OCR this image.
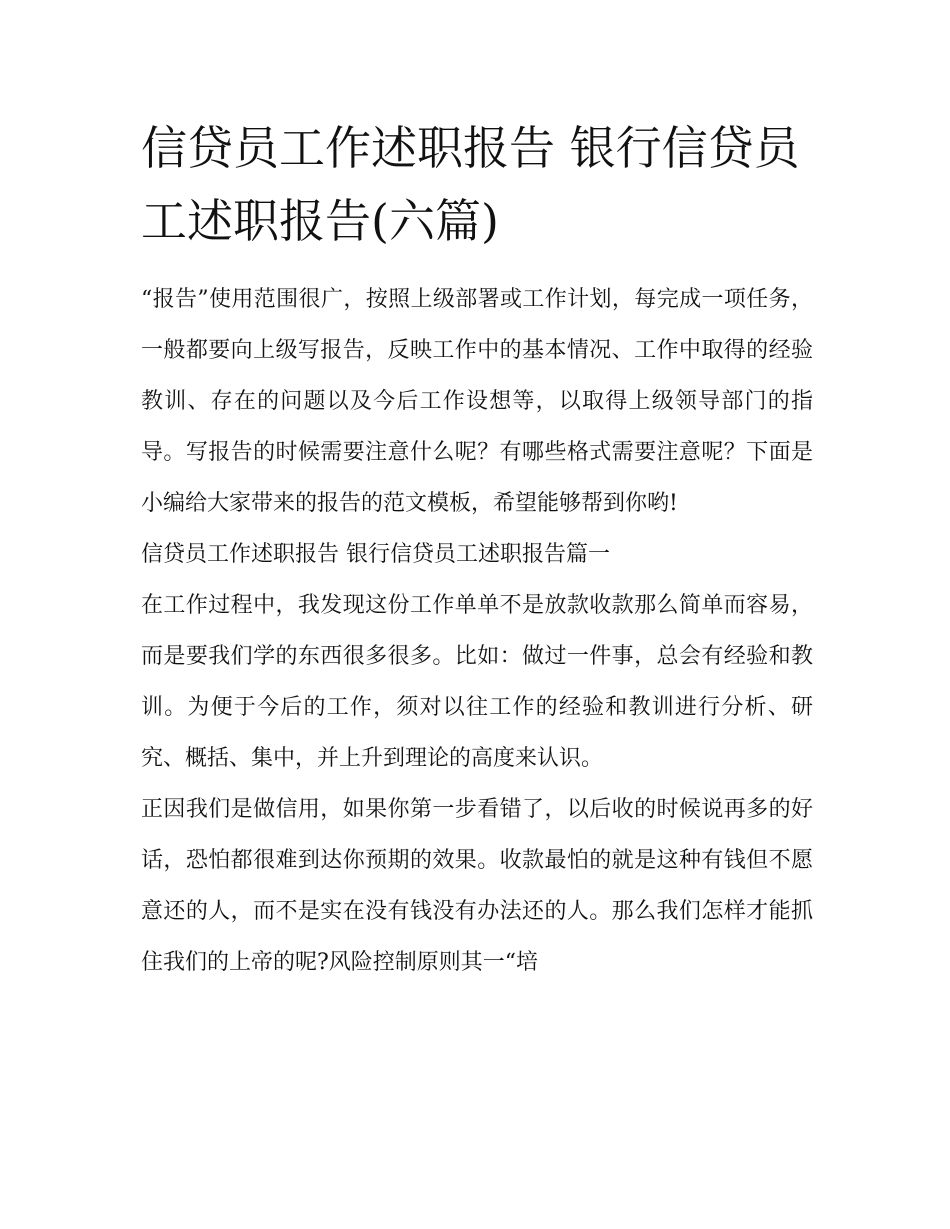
信贷员工作述职报告 银行信贷员工述职报告(六篇)

“报告”使用范围很广，按照上级部署或工作计划，每完成一项任务，一般都要向上级写报告，反映工作中的基本情况、工作中取得的经验教训、存在的问题以及今后工作设想等，以取得上级领导部门的指导。写报告的时候需要注意什么呢？有哪些格式需要注意呢？下面是小编给大家带来的报告的范文模板，希望能够帮到你哟!

信贷员工作述职报告 银行信贷员工述职报告篇一

在工作过程中，我发现这份工作单单不是放款收款那么简单而容易，而是要我们学的东西很多很多。比如：做过一件事，总会有经验和教训。为便于今后的工作，须对以往工作的经验和教训进行分析、研究、概括、集中，并上升到理论的高度来认识。

正因我们是做信用，如果你第一步看错了，以后收的时候说再多的好话，恐怕都很难到达你预期的效果。收款最怕的就是这种有钱但不愿意还的人，而不是实在没有钱没有办法还的人。那么我们怎样才能抓住我们的上帝的呢?风险控制原则其一“培
